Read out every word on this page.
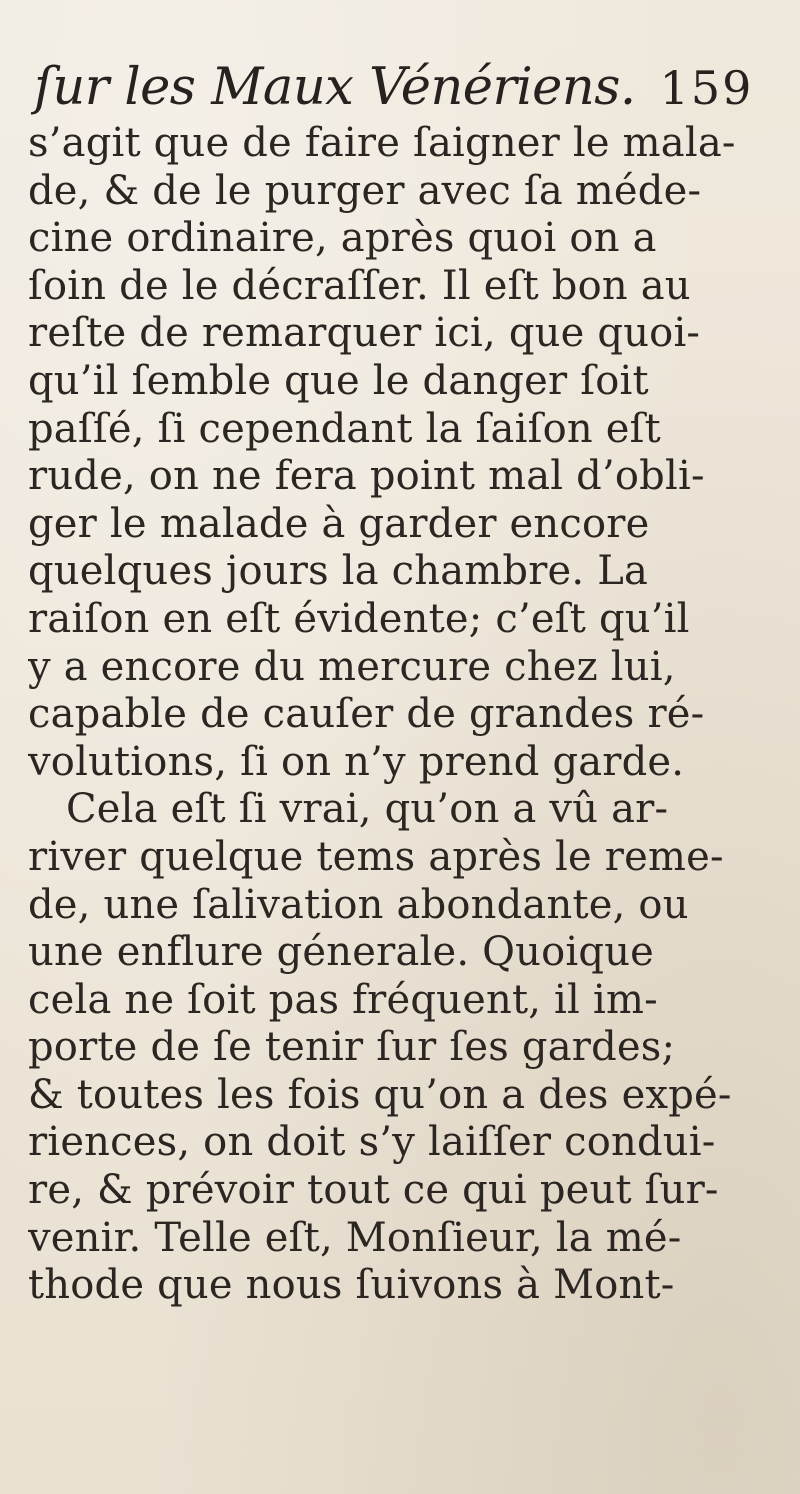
ſur les Maux Vénériens. 159
s’agit que de faire ſaigner le mala-
de, & de le purger avec ſa méde-
cine ordinaire, après quoi on a
ſoin de le décraſſer. Il eſt bon au
reſte de remarquer ici, que quoi-
qu’il ſemble que le danger ſoit
paſſé, ſi cependant la ſaiſon eſt
rude, on ne fera point mal d’obli-
ger le malade à garder encore
quelques jours la chambre. La
raiſon en eſt évidente; c’eſt qu’il
y a encore du mercure chez lui,
capable de cauſer de grandes ré-
volutions, ſi on n’y prend garde.
Cela eſt ſi vrai, qu’on a vû ar-
river quelque tems après le reme-
de, une ſalivation abondante, ou
une enflure génerale. Quoique
cela ne ſoit pas fréquent, il im-
porte de ſe tenir ſur ſes gardes;
& toutes les fois qu’on a des expé-
riences, on doit s’y laiſſer condui-
re, & prévoir tout ce qui peut ſur-
venir. Telle eſt, Monſieur, la mé-
thode que nous ſuivons à Mont-
